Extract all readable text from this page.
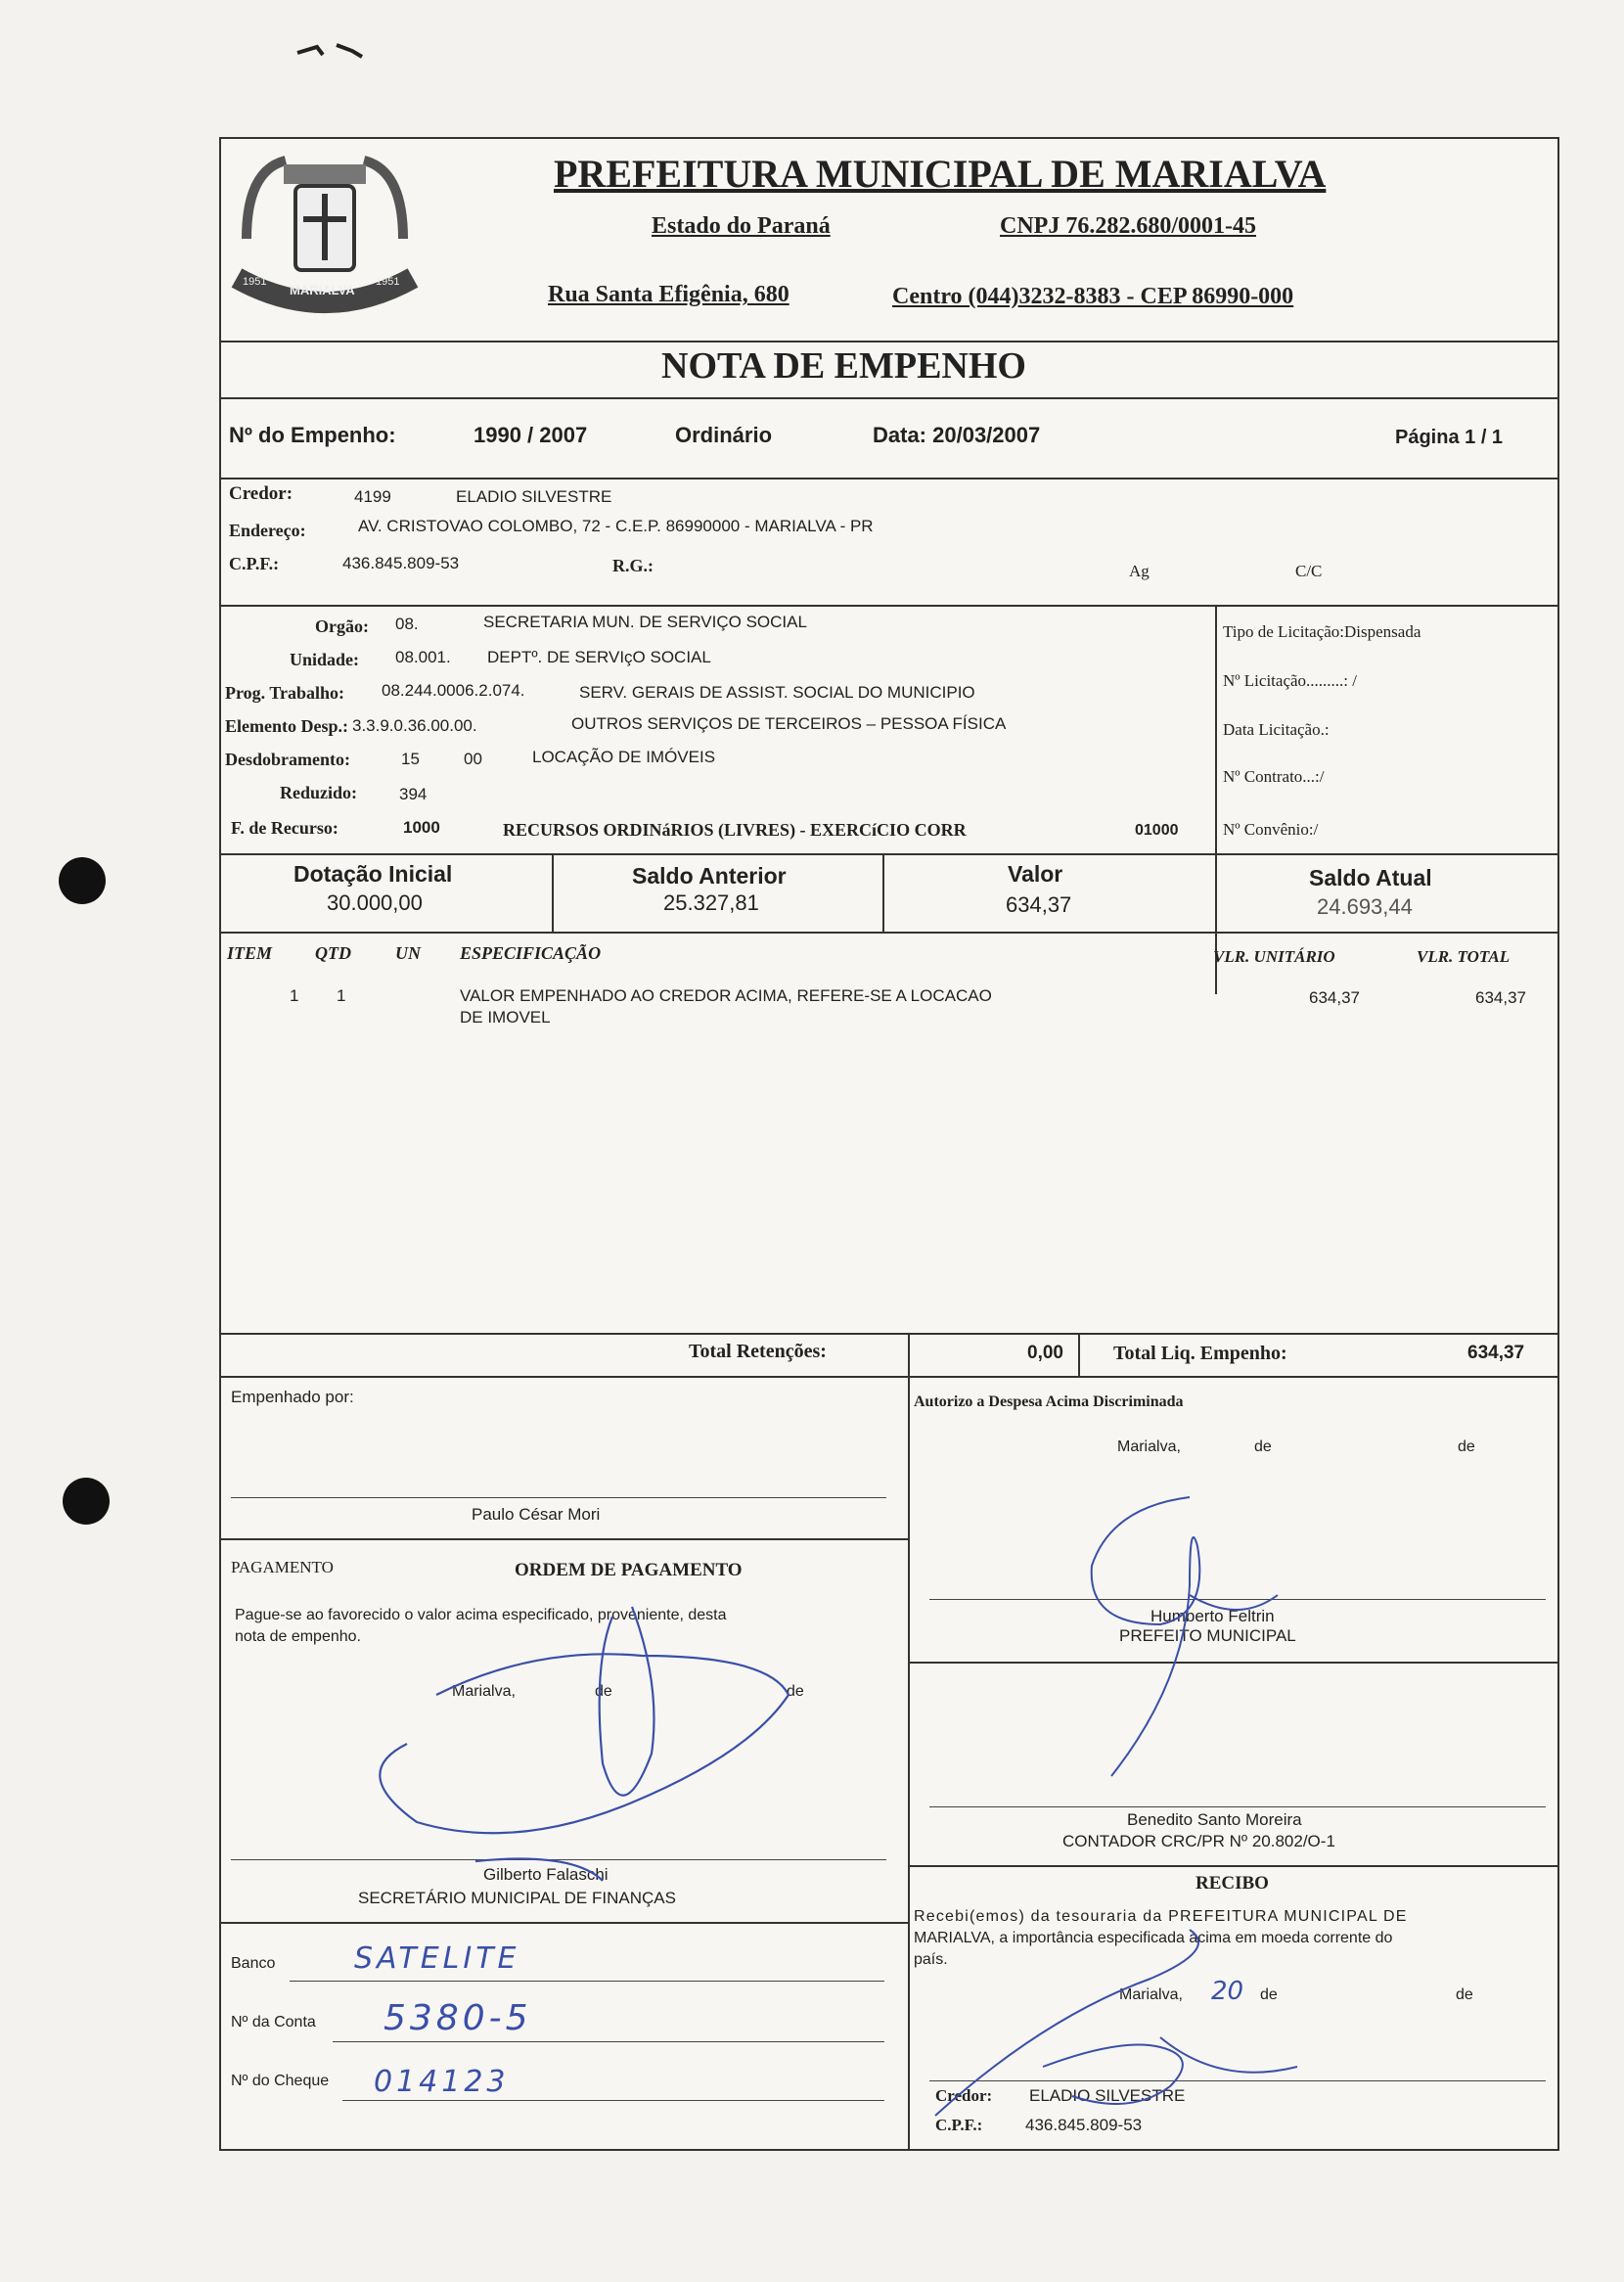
MARIALVA
1951	1951
PREFEITURA MUNICIPAL DE MARIALVA
Estado do Paraná	CNPJ 76.282.680/0001-45
Rua Santa Efigênia, 680	Centro (044)3232-8383 - CEP 86990-000
NOTA DE EMPENHO
Nº do Empenho:	1990 / 2007	Ordinário	Data: 20/03/2007	Página 1 / 1
Credor:	4199	ELADIO SILVESTRE
Endereço:	AV. CRISTOVAO COLOMBO, 72 - C.E.P. 86990000 - MARIALVA - PR
C.P.F.:	436.845.809-53	R.G.:	Ag	C/C
Orgão: 08.	SECRETARIA MUN. DE SERVIÇO SOCIAL
Unidade: 08.001. DEPTº. DE SERVIçO SOCIAL
Prog. Trabalho: 08.244.0006.2.074.	SERV. GERAIS DE ASSIST. SOCIAL DO MUNICIPIO
Elemento Desp.: 3.3.9.0.36.00.00.	OUTROS SERVIÇOS DE TERCEIROS – PESSOA FÍSICA
Desdobramento:	15	00	LOCAÇÃO DE IMÓVEIS
Reduzido:	394
F. de Recurso:	1000	RECURSOS ORDINáRIOS (LIVRES) - EXERCíCIO CORR	01000
Tipo de Licitação:Dispensada
Nº Licitação.........: /
Data Licitação.:
Nº Contrato...:/
Nº Convênio:/
Dotação Inicial
30.000,00
Saldo Anterior
25.327,81
Valor
634,37
Saldo Atual
24.693,44
ITEM QTD	UN ESPECIFICAÇÃO	VLR. UNITÁRIO	VLR. TOTAL
1 1	VALOR EMPENHADO AO CREDOR ACIMA, REFERE-SE A LOCACAO
DE IMOVEL
634,37	634,37
Total Retenções:	0,00	Total Liq. Empenho:	634,37
Empenhado por:
Paulo César Mori
PAGAMENTO	ORDEM DE PAGAMENTO
Pague-se ao favorecido o valor acima especificado, proveniente, desta
nota de empenho.
Marialva,	de	de
Gilberto Falaschi
SECRETÁRIO MUNICIPAL DE FINANÇAS
Banco	SATELITE
Nº da Conta 5380-5
Nº do Cheque 014123
Autorizo a Despesa Acima Discriminada
Marialva,	de	de
Humberto Feltrin
PREFEITO MUNICIPAL
Benedito Santo Moreira
CONTADOR CRC/PR Nº 20.802/O-1
RECIBO
Recebi(emos) da tesouraria da PREFEITURA MUNICIPAL DE
MARIALVA, a importância especificada acima em moeda corrente do
país.
Marialva, 20 de	de
Credor: ELADIO SILVESTRE
C.P.F.:	436.845.809-53
